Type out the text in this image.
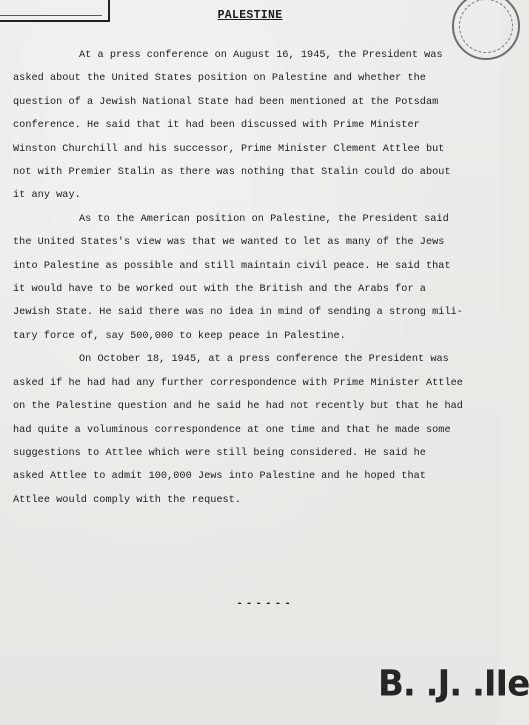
PALESTINE

At a press conference on August 16, 1945, the President was

asked about the United States position on Palestine and whether the

question of a Jewish National State had been mentioned at the Potsdam

conference. He said that it had been discussed with Prime Minister

Winston Churchill and his successor, Prime Minister Clement Attlee but

not with Premier Stalin as there was nothing that Stalin could do about

it any way.

As to the American position on Palestine, the President said

the United States's view was that we wanted to let as many of the Jews

into Palestine as possible and still maintain civil peace. He said that

it would have to be worked out with the British and the Arabs for a

Jewish State. He said there was no idea in mind of sending a strong mili-

tary force of, say 500,000 to keep peace in Palestine.

On October 18, 1945, at a press conference the President was

asked if he had had any further correspondence with Prime Minister Attlee

on the Palestine question and he said he had not recently but that he had

had quite a voluminous correspondence at one time and that he made some

suggestions to Attlee which were still being considered. He said he

asked Attlee to admit 100,000 Jews into Palestine and he hoped that

Attlee would comply with the request.

------
B. .J. .IIe
